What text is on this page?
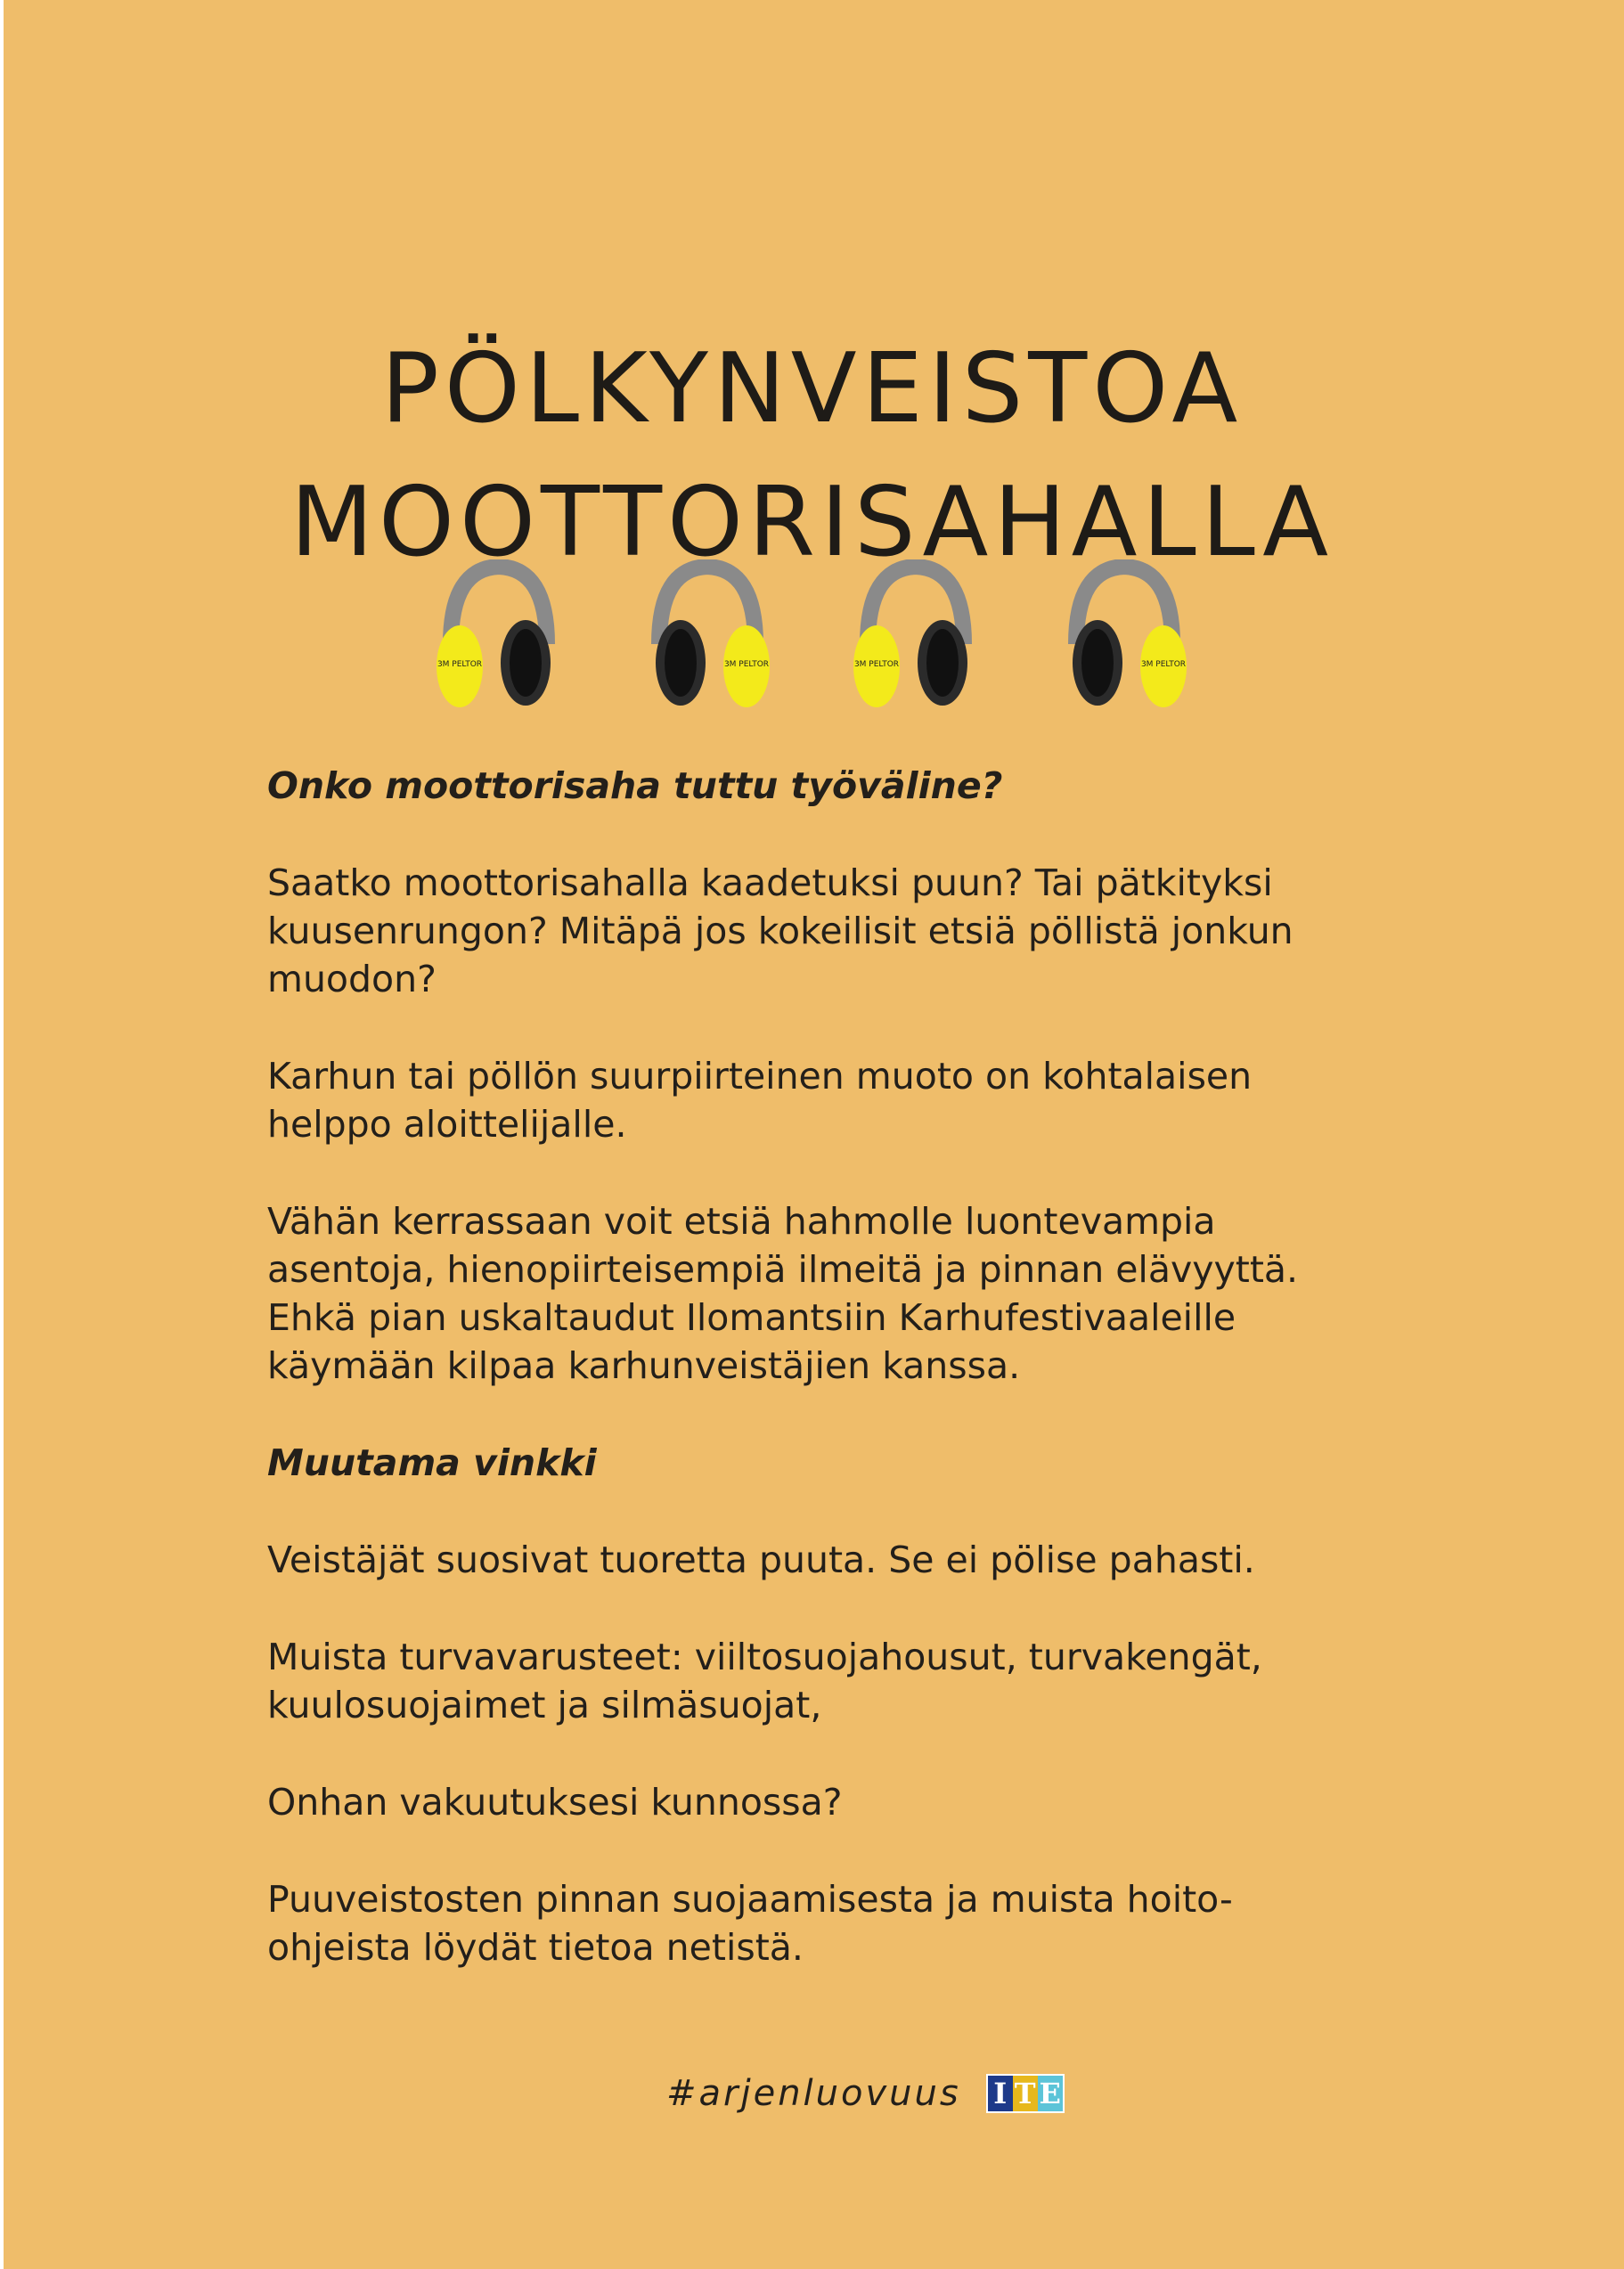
PÖLKYNVEISTOA
MOOTTORISAHALLA
3M PELTOR	3M PELTOR	3M PELTOR	3M PELTOR

Onko moottorisaha tuttu työväline?

Saatko moottorisahalla kaadetuksi puun? Tai pätkityksi kuusenrungon? Mitäpä jos kokeilisit etsiä pöllistä jonkun muodon?

Karhun tai pöllön suurpiirteinen muoto on kohtalaisen helppo aloittelijalle.

Vähän kerrassaan voit etsiä hahmolle luontevampia asentoja, hienopiirteisempiä ilmeitä ja pinnan elävyyttä. Ehkä pian uskaltaudut Ilomantsiin Karhufestivaaleille käymään kilpaa karhunveistäjien kanssa.

Muutama vinkki

Veistäjät suosivat tuoretta puuta. Se ei pölise pahasti.

Muista turvavarusteet: viiltosuojahousut, turvakengät, kuulosuojaimet ja silmäsuojat,

Onhan vakuutuksesi kunnossa?

Puuveistosten pinnan suojaamisesta ja muista hoito-ohjeista löydät tietoa netistä.

#arjenluovuus I T E
